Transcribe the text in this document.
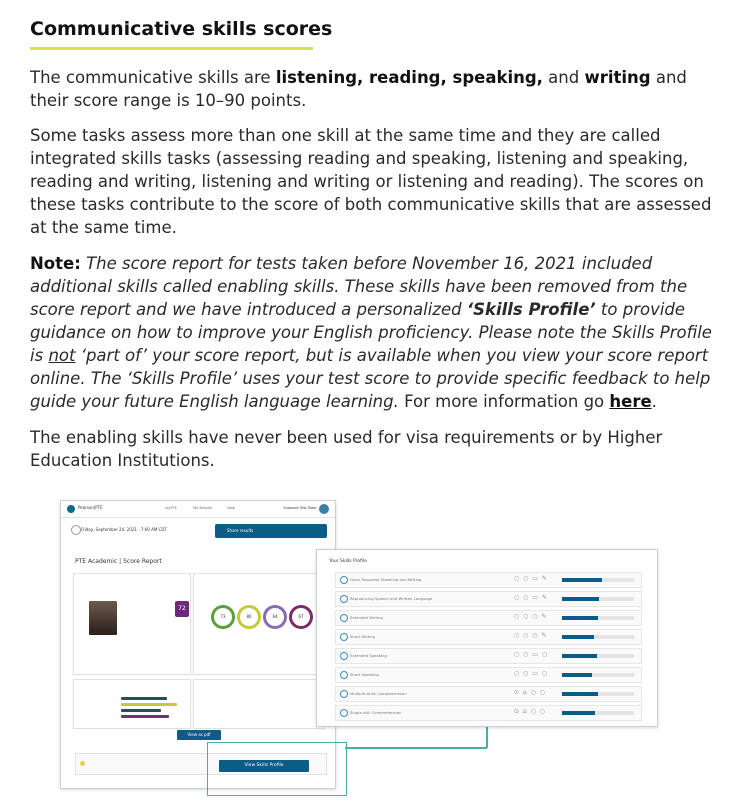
Communicative skills scores

The communicative skills are listening, reading, speaking, and writing and their score range is 10–90 points.

Some tasks assess more than one skill at the same time and they are called integrated skills tasks (assessing reading and speaking, listening and speaking, reading and writing, listening and writing or listening and reading). The scores on these tasks contribute to the score of both communicative skills that are assessed at the same time.

Note: The score report for tests taken before November 16, 2021 included additional skills called enabling skills. These skills have been removed from the score report and we have introduced a personalized ‘Skills Profile’ to provide guidance on how to improve your English proficiency. Please note the Skills Profile is not ‘part of’ your score report, but is available when you view your score report online. The ‘Skills Profile’ uses your test score to provide specific feedback to help guide your future English language learning. For more information go here.

The enabling skills have never been used for visa requirements or by Higher Education Institutions.

Pearson|PTE	myPTE	My Activity	Help	Example Test Taker
Friday, September 24, 2021 - 7:00 AM CDT	Share results
PTE Academic | Score Report
72
73	80	64	67
View as pdf
View Skills Profile
Your Skills Profile
Open Response Speaking and Writing	○ ○ ▭ ✎
Reproducing Spoken and Written Language	○ ○ ▭ ✎
Extended Writing	○ ○ ○ ✎
Short Writing	○ ○ ○ ✎
Extended Speaking	○ ○ ▭ ○
Short Speaking	○ ○ ▭ ○
Multiple-skills Comprehension	⊙ ⌂ ○ ○
Single-skill Comprehension	⊙ ⌂ ○ ○
